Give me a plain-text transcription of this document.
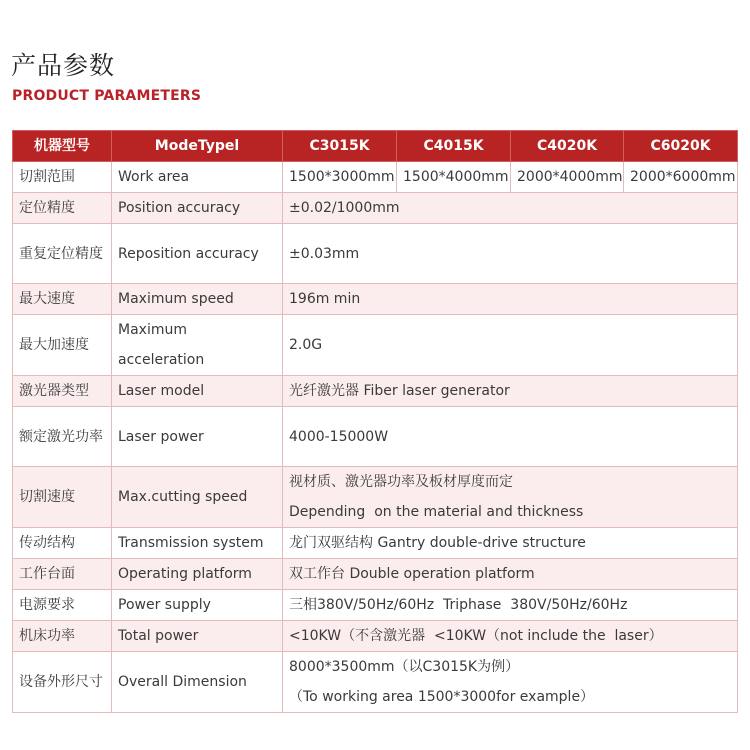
产品参数
PRODUCT PARAMETERS
机器型号	ModeTypel	C3015K	C4015K	C4020K	C6020K
切割范围	Work area	1500*3000mm	1500*4000mm	2000*4000mm	2000*6000mm
定位精度	Position accuracy	±0.02/1000mm			
重复定位精度	Reposition accuracy	±0.03mm			
最大速度	Maximum speed	196m min			
最大加速度	Maximum acceleration	2.0G			
激光器类型	Laser model	光纤激光器 Fiber laser generator			
额定激光功率	Laser power	4000-15000W			
切割速度	Max.cutting speed	视材质、激光器功率及板材厚度而定
Depending  on the material and thickness			

传动结构	Transmission system	龙门双驱结构 Gantry double-drive structure			
工作台面	Operating platform	双工作台 Double operation platform			
电源要求	Power supply	三相380V/50Hz/60Hz  Triphase  380V/50Hz/60Hz			
机床功率	Total power	<10KW（不含激光器  <10KW（not include the  laser）			
设备外形尺寸	Overall Dimension	8000*3500mm（以C3015K为例）
（To working area 1500*3000for example）			
